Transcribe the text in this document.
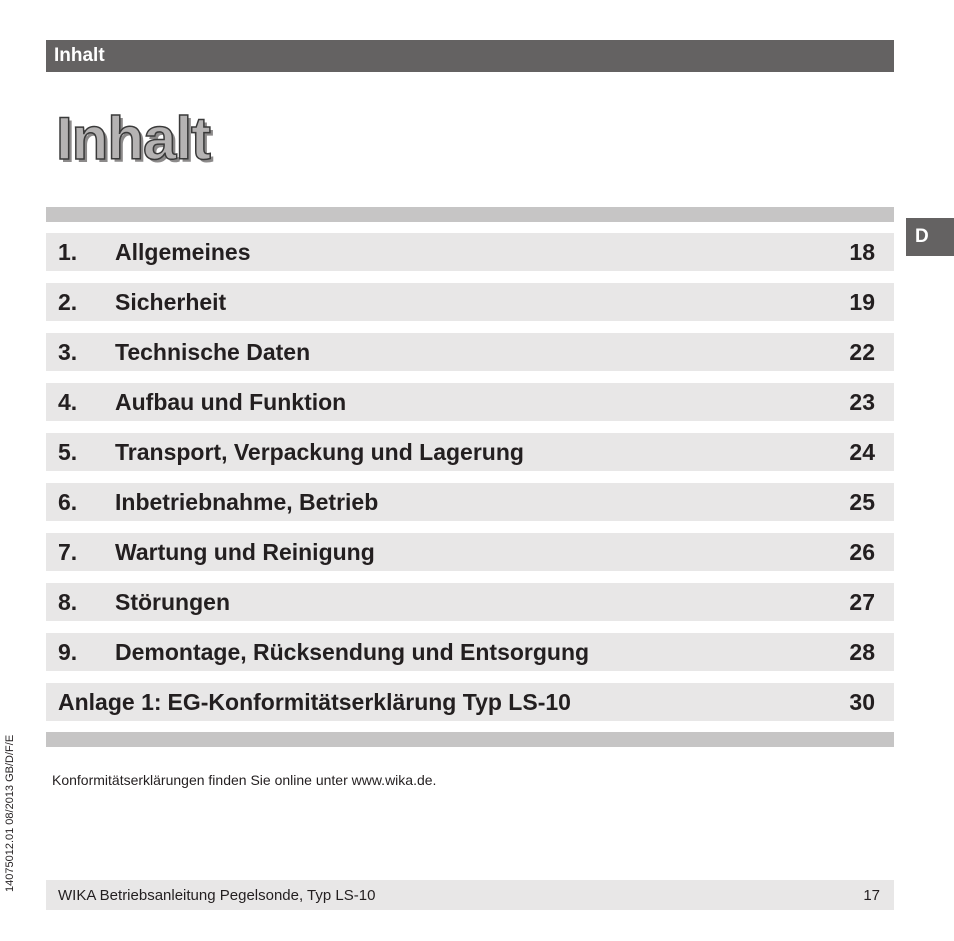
Inhalt
Inhalt
D
1.	Allgemeines	18
2.	Sicherheit	19
3.	Technische Daten	22
4.	Aufbau und Funktion	23
5.	Transport, Verpackung und Lagerung	24
6.	Inbetriebnahme, Betrieb	25
7.	Wartung und Reinigung	26
8.	Störungen	27
9.	Demontage, Rücksendung und Entsorgung	28
Anlage 1: EG-Konformitätserklärung Typ LS-10	30
Konformitätserklärungen finden Sie online unter www.wika.de.
WIKA Betriebsanleitung Pegelsonde, Typ LS-10	17
14075012.01 08/2013 GB/D/F/E
